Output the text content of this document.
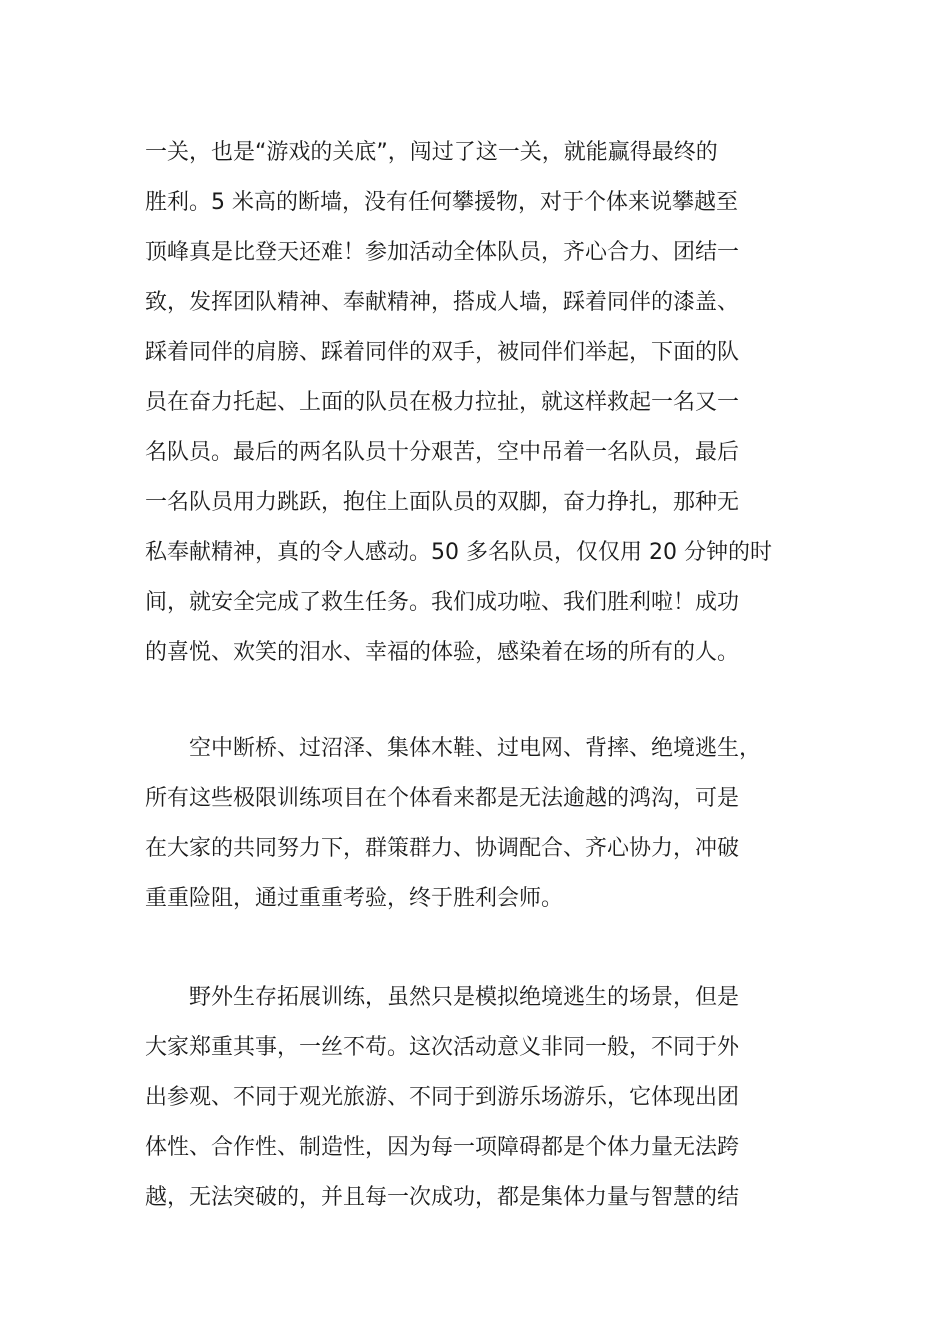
一关，也是“游戏的关底”，闯过了这一关，就能赢得最终的
胜利。5 米高的断墙，没有任何攀援物，对于个体来说攀越至
顶峰真是比登天还难！参加活动全体队员，齐心合力、团结一
致，发挥团队精神、奉献精神，搭成人墙，踩着同伴的漆盖、
踩着同伴的肩膀、踩着同伴的双手，被同伴们举起，下面的队
员在奋力托起、上面的队员在极力拉扯，就这样救起一名又一
名队员。最后的两名队员十分艰苦，空中吊着一名队员，最后
一名队员用力跳跃，抱住上面队员的双脚，奋力挣扎，那种无
私奉献精神，真的令人感动。50 多名队员，仅仅用 20 分钟的时
间，就安全完成了救生任务。我们成功啦、我们胜利啦！成功
的喜悦、欢笑的泪水、幸福的体验，感染着在场的所有的人。
　　空中断桥、过沼泽、集体木鞋、过电网、背摔、绝境逃生，
所有这些极限训练项目在个体看来都是无法逾越的鸿沟，可是
在大家的共同努力下，群策群力、协调配合、齐心协力，冲破
重重险阻，通过重重考验，终于胜利会师。
　　野外生存拓展训练，虽然只是模拟绝境逃生的场景，但是
大家郑重其事，一丝不苟。这次活动意义非同一般，不同于外
出参观、不同于观光旅游、不同于到游乐场游乐，它体现出团
体性、合作性、制造性，因为每一项障碍都是个体力量无法跨
越，无法突破的，并且每一次成功，都是集体力量与智慧的结
